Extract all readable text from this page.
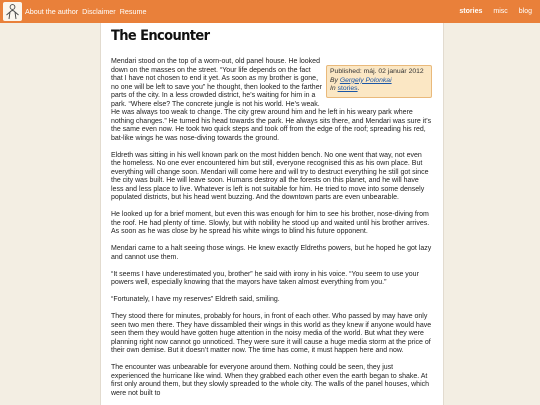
About the author Disclaimer Resume	stories misc blog
The Encounter
Published: máj. 02 január 2012
By Gergely Polonkai
In stories.

Mendari stood on the top of a worn-out, old panel house. He looked down on the masses on the street. “Your life depends on the fact that I have not chosen to end it yet. As soon as my brother is gone, no one will be left to save you” he thought, then looked to the farther parts of the city. In a less crowded district, he’s waiting for him in a park. “Where else? The concrete jungle is not his world. He’s weak. He was always too weak to change. The city grew around him and he left in his weary park where nothing changes.” He turned his head towards the park. He always sits there, and Mendari was sure it’s the same even now. He took two quick steps and took off from the edge of the roof; spreading his red, bat-like wings he was nose-diving towards the ground.

Eldreth was sitting in his well known park on the most hidden bench. No one went that way, not even the homeless. No one ever encountered him but still, everyone recognised this as his own place. But everything will change soon. Mendari will come here and will try to destruct everything he still got since the city was built. He will leave soon. Humans destroy all the forests on this planet, and he will have less and less place to live. Whatever is left is not suitable for him. He tried to move into some densely populated districts, but his head went buzzing. And the downtown parts are even unbearable.

He looked up for a brief moment, but even this was enough for him to see his brother, nose-diving from the roof. He had plenty of time. Slowly, but with nobility he stood up and waited until his brother arrives. As soon as he was close by he spread his white wings to blind his future opponent.

Mendari came to a halt seeing those wings. He knew exactly Eldreths powers, but he hoped he got lazy and cannot use them.

“It seems I have underestimated you, brother” he said with irony in his voice. “You seem to use your powers well, especially knowing that the mayors have taken almost everything from you.”

“Fortunately, I have my reserves” Eldreth said, smiling.

They stood there for minutes, probably for hours, in front of each other. Who passed by may have only seen two men there. They have dissambled their wings in this world as they knew if anyone would have seen them they would have gotten huge attention in the noisy media of the world. But what they were planning right now cannot go unnoticed. They were sure it will cause a huge media storm at the price of their own demise. But it doesn’t matter now. The time has come, it must happen here and now.

The encounter was unbearable for everyone around them. Nothing could be seen, they just experienced the hurricane like wind. When they grabbed each other even the earth began to shake. At first only around them, but they slowly spreaded to the whole city. The walls of the panel houses, which were not built to
